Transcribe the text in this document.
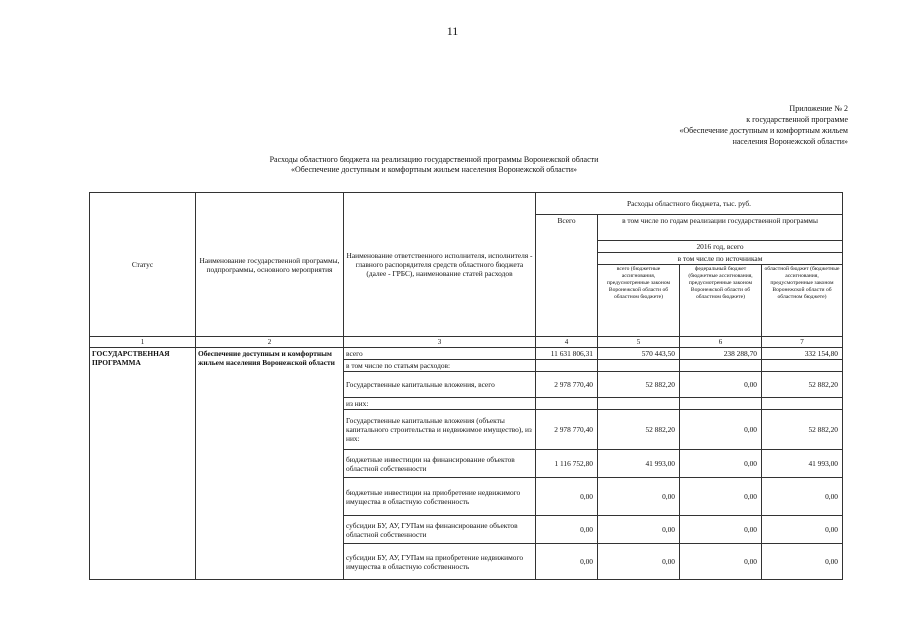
11
Приложение № 2
к государственной программе
«Обеспечение доступным и комфортным жильем
населения Воронежской области»
Расходы областного бюджета на реализацию государственной программы Воронежской области
«Обеспечение доступным и комфортным жильем населения Воронежской области»
Статус	Наименование государственной программы, подпрограммы, основного мероприятия	Наименование ответственного исполнителя, исполнителя - главного распорядителя средств областного бюджета (далее - ГРБС), наименование статей расходов	Расходы областного бюджета, тыс. руб.			
			Всего	в том числе по годам реализации государственной программы		
				2016 год, всего		
				в том числе по источникам		
				всего (бюджетные ассигнования, предусмотренные законом Воронежской области об областном бюджете)	федеральный бюджет (бюджетные ассигнования, предусмотренные законом Воронежской области об областном бюджете)	областной бюджет (бюджетные ассигнования, предусмотренные законом Воронежской области об областном бюджете)
1	2	3	4	5	6	7
ГОСУДАРСТВЕННАЯ ПРОГРАММА	Обеспечение доступным и комфортным жильем населения Воронежской области	всего	11 631 806,31	570 443,50	238 288,70	332 154,80
		в том числе по статьям расходов:				
		Государственные капитальные вложения, всего	2 978 770,40	52 882,20	0,00	52 882,20
		из них:				
		Государственные капитальные вложения (объекты капитального строительства и недвижимое имущество), из них:	2 978 770,40	52 882,20	0,00	52 882,20
		бюджетные инвестиции на финансирование объектов областной собственности	1 116 752,80	41 993,00	0,00	41 993,00
		бюджетные инвестиции на приобретение недвижимого имущества в областную собственность	0,00	0,00	0,00	0,00
		субсидии БУ, АУ, ГУПам на финансирование объектов областной собственности	0,00	0,00	0,00	0,00
		субсидии БУ, АУ, ГУПам на приобретение недвижимого имущества в областную собственность	0,00	0,00	0,00	0,00
